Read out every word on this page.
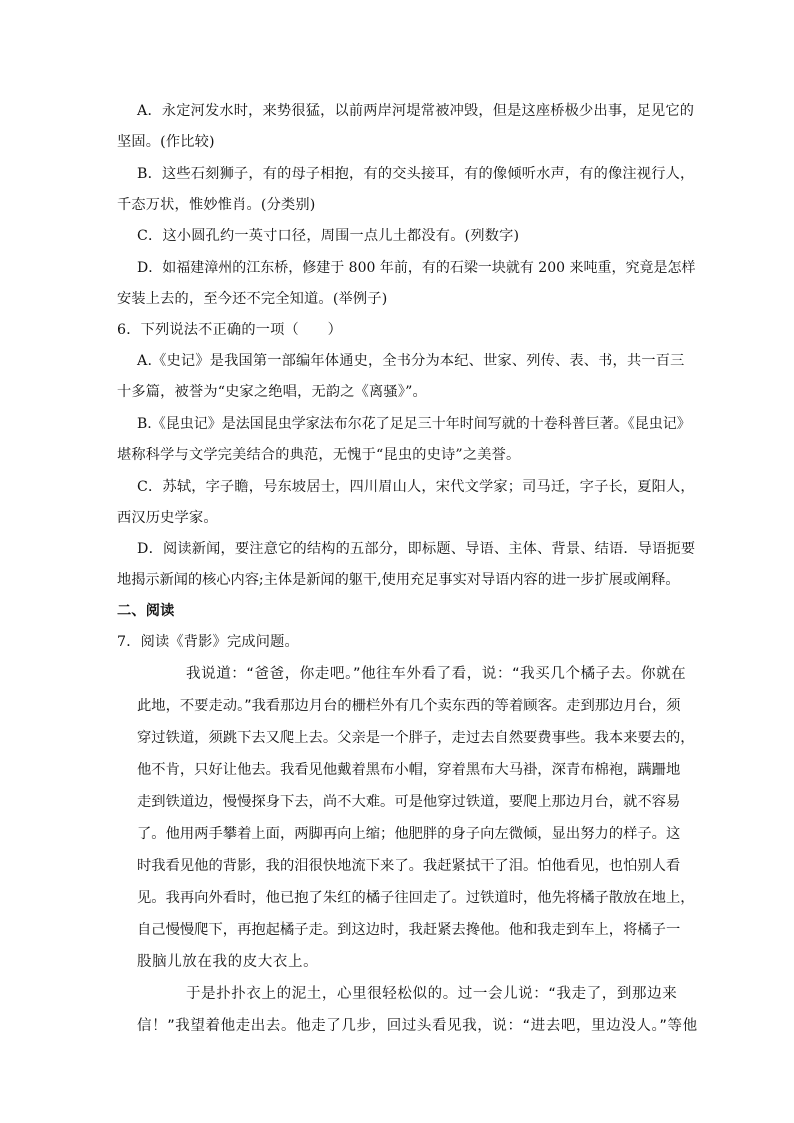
A．永定河发水时，来势很猛，以前两岸河堤常被冲毁，但是这座桥极少出事，足见它的
坚固。(作比较)
B．这些石刻狮子，有的母子相抱，有的交头接耳，有的像倾听水声，有的像注视行人，
千态万状，惟妙惟肖。(分类别)
C．这小圆孔约一英寸口径，周围一点儿土都没有。(列数字)
D．如福建漳州的江东桥，修建于 800 年前，有的石梁一块就有 200 来吨重，究竟是怎样
安装上去的，至今还不完全知道。(举例子)
6．下列说法不正确的一项（　　）
A.《史记》是我国第一部编年体通史，全书分为本纪、世家、列传、表、书，共一百三
十多篇，被誉为“史家之绝唱，无韵之《离骚》”。
B.《昆虫记》是法国昆虫学家法布尔花了足足三十年时间写就的十卷科普巨著。《昆虫记》
堪称科学与文学完美结合的典范，无愧于“昆虫的史诗”之美誉。
C．苏轼，字子瞻，号东坡居士，四川眉山人，宋代文学家；司马迁，字子长，夏阳人，
西汉历史学家。
D．阅读新闻，要注意它的结构的五部分，即标题、导语、主体、背景、结语．导语扼要
地揭示新闻的核心内容;主体是新闻的躯干,使用充足事实对导语内容的进一步扩展或阐释。
二、阅读
7．阅读《背影》完成问题。
我说道：“爸爸，你走吧。”他往车外看了看，说：“我买几个橘子去。你就在
此地，不要走动。”我看那边月台的栅栏外有几个卖东西的等着顾客。走到那边月台，须
穿过铁道，须跳下去又爬上去。父亲是一个胖子，走过去自然要费事些。我本来要去的，
他不肯，只好让他去。我看见他戴着黑布小帽，穿着黑布大马褂，深青布棉袍，蹒跚地
走到铁道边，慢慢探身下去，尚不大难。可是他穿过铁道，要爬上那边月台，就不容易
了。他用两手攀着上面，两脚再向上缩；他肥胖的身子向左微倾，显出努力的样子。这
时我看见他的背影，我的泪很快地流下来了。我赶紧拭干了泪。怕他看见，也怕别人看
见。我再向外看时，他已抱了朱红的橘子往回走了。过铁道时，他先将橘子散放在地上，
自己慢慢爬下，再抱起橘子走。到这边时，我赶紧去搀他。他和我走到车上，将橘子一
股脑儿放在我的皮大衣上。
于是扑扑衣上的泥土，心里很轻松似的。过一会儿说：“我走了，到那边来
信！”我望着他走出去。他走了几步，回过头看见我，说：“进去吧，里边没人。”等他
